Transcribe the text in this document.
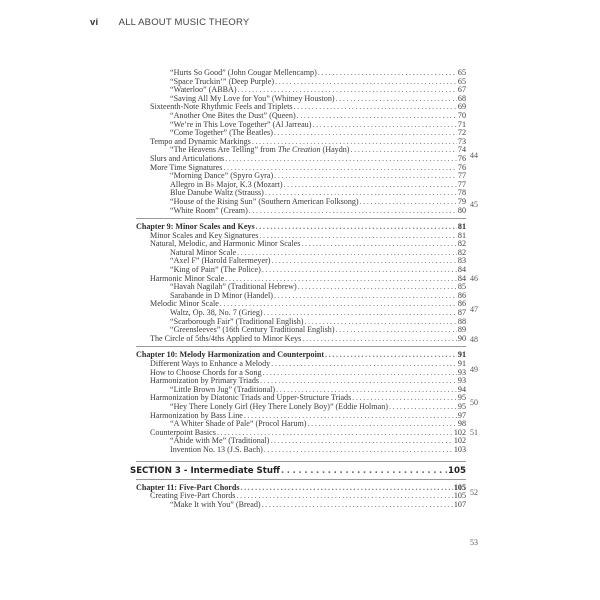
vi ALL ABOUT MUSIC THEORY
“Hurts So Good” (John Cougar Mellencamp) . . .	65
“Space Truckin’” (Deep Purple) . . .	65
“Waterloo” (ABBA) . . .	67
“Saving All My Love for You” (Whitney Houston) . . .	68
Sixteenth-Note Rhythmic Feels and Triplets . . .	69
“Another One Bites the Dust” (Queen) . . .	70
“We’re in This Love Together” (Al Jarreau) . . .	71
“Come Together” (The Beatles) . . .	72
Tempo and Dynamic Markings . . .	73
“The Heavens Are Telling” from The Creation (Haydn) . . .	74
Slurs and Articulations . . .	76
More Time Signatures . . .	76
“Morning Dance” (Spyro Gyra) . . .	77
Allegro in B♭ Major, K.3 (Mozart) . . .	77
Blue Danube Waltz (Strauss) . . .	78
“House of the Rising Sun” (Southern American Folksong) . . .	79
“White Room” (Cream) . . .	80
Chapter 9: Minor Scales and Keys . . .	81
Minor Scales and Key Signatures . . .	81
Natural, Melodic, and Harmonic Minor Scales . . .	82
Natural Minor Scale . . .	82
“Axel F” (Harold Faltermeyer) . . .	83
“King of Pain” (The Police) . . .	84
Harmonic Minor Scale . . .	84
“Havah Nagilah” (Traditional Hebrew) . . .	85
Sarabande in D Minor (Handel) . . .	86
Melodic Minor Scale . . .	86
Waltz, Op. 38, No. 7 (Grieg) . . .	87
“Scarborough Fair” (Traditional English) . . .	88
“Greensleeves” (16th Century Traditional English) . . .	89
The Circle of 5ths/4ths Applied to Minor Keys . . .	90
Chapter 10: Melody Harmonization and Counterpoint . . .	91
Different Ways to Enhance a Melody . . .	91
How to Choose Chords for a Song . . .	93
Harmonization by Primary Triads . . .	93
“Little Brown Jug” (Traditional) . . .	94
Harmonization by Diatonic Triads and Upper-Structure Triads . . .	95
“Hey There Lonely Girl (Hey There Lonely Boy)” (Eddie Holman) . . .	95
Harmonization by Bass Line . . .	97
“A Whiter Shade of Pale” (Procol Harum) . . .	98
Counterpoint Basics . . .	102
“Abide with Me” (Traditional) . . .	102
Invention No. 13 (J.S. Bach) . . .	103
SECTION 3 - Intermediate Stuff . . .	105
Chapter 11: Five-Part Chords . . .	105
Creating Five-Part Chords . . .	105
“Make It with You” (Bread) . . .	107
44
45
46
47
48
49
50
51
52
53
